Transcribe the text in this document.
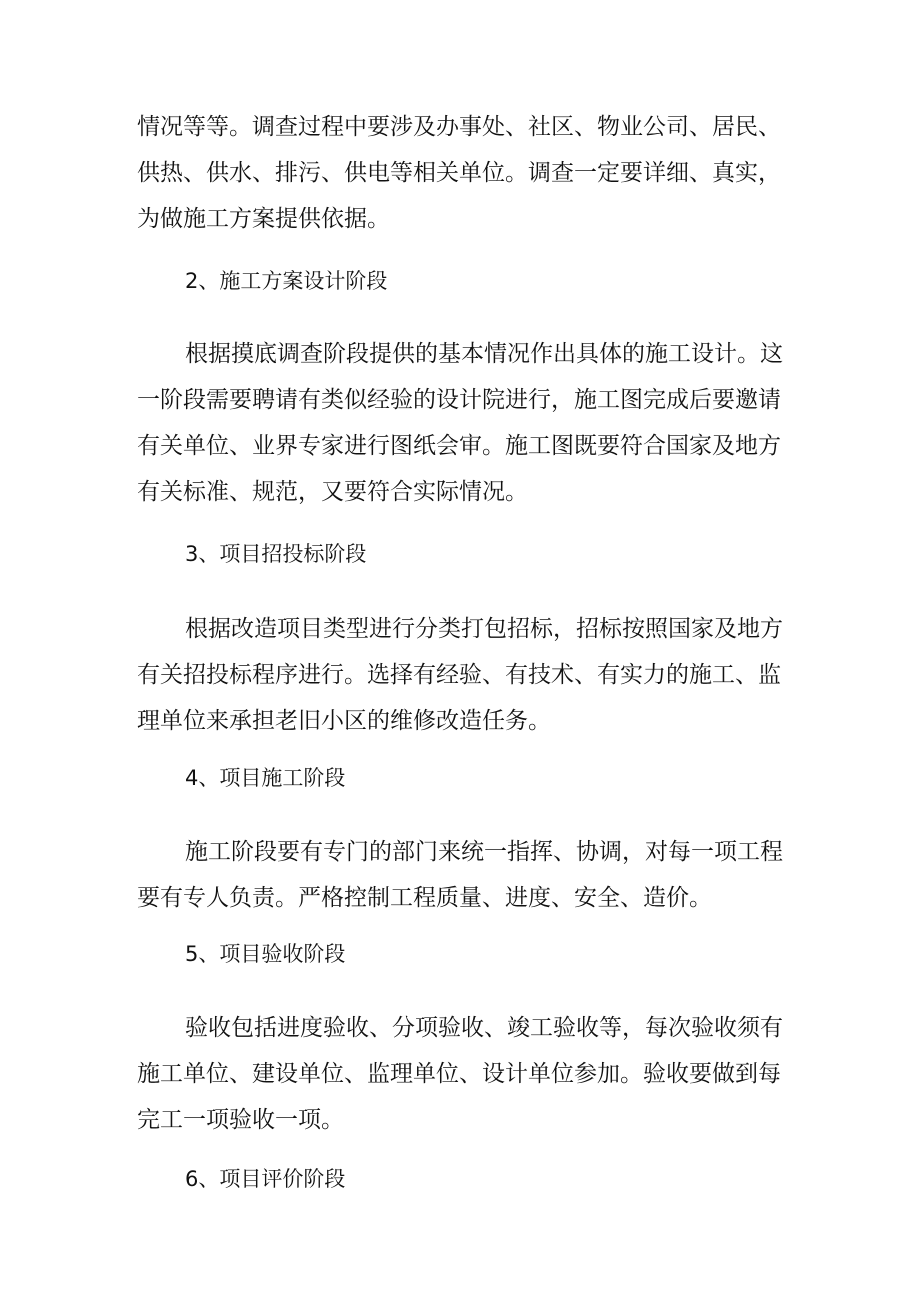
情况等等。调查过程中要涉及办事处、社区、物业公司、居民、供热、供水、排污、供电等相关单位。调查一定要详细、真实，为做施工方案提供依据。

2、施工方案设计阶段

根据摸底调查阶段提供的基本情况作出具体的施工设计。这一阶段需要聘请有类似经验的设计院进行，施工图完成后要邀请有关单位、业界专家进行图纸会审。施工图既要符合国家及地方有关标准、规范，又要符合实际情况。

3、项目招投标阶段

根据改造项目类型进行分类打包招标，招标按照国家及地方有关招投标程序进行。选择有经验、有技术、有实力的施工、监理单位来承担老旧小区的维修改造任务。

4、项目施工阶段

施工阶段要有专门的部门来统一指挥、协调，对每一项工程要有专人负责。严格控制工程质量、进度、安全、造价。

5、项目验收阶段

验收包括进度验收、分项验收、竣工验收等，每次验收须有施工单位、建设单位、监理单位、设计单位参加。验收要做到每完工一项验收一项。

6、项目评价阶段
